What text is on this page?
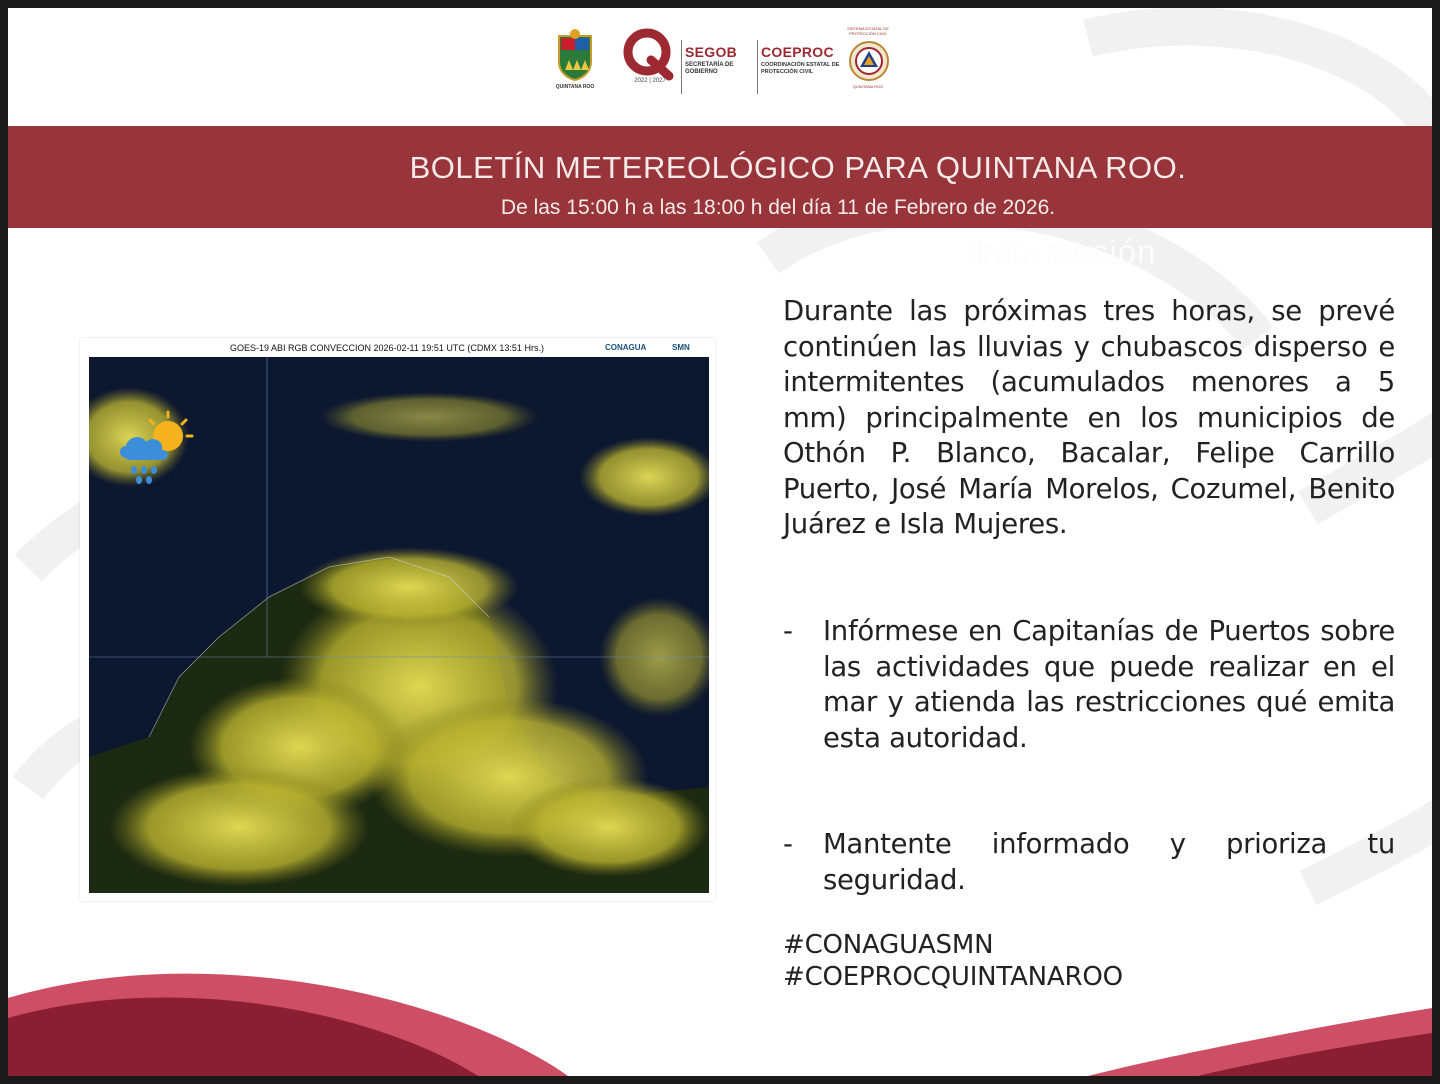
QUINTANA ROO
2022 | 2027
SEGOB
SECRETARÍA DE GOBIERNO
COEPROC
COORDINACIÓN ESTATAL DE PROTECCIÓN CIVIL
SISTEMA ESTATAL DE PROTECCIÓN CIVIL
QUINTANA ROO
BOLETÍN METEREOLÓGICO PARA QUINTANA ROO.
De las 15:00 h a las 18:00 h del día 11 de Febrero de 2026.
Información
GOES-19 ABI RGB CONVECCION 2026-02-11 19:51 UTC (CDMX 13:51 Hrs.)	CONAGUA	SMN
Durante las próximas tres horas, se prevé continúen las lluvias y chubascos disperso e intermitentes (acumulados menores a 5 mm) principalmente en los municipios de Othón P. Blanco, Bacalar, Felipe Carrillo Puerto, José María Morelos, Cozumel, Benito Juárez e Isla Mujeres.
- Infórmese en Capitanías de Puertos sobre las actividades que puede realizar en el mar y atienda las restricciones qué emita esta autoridad.
- Mantente informado y prioriza tu seguridad.
#CONAGUASMN
#COEPROCQUINTANAROO
